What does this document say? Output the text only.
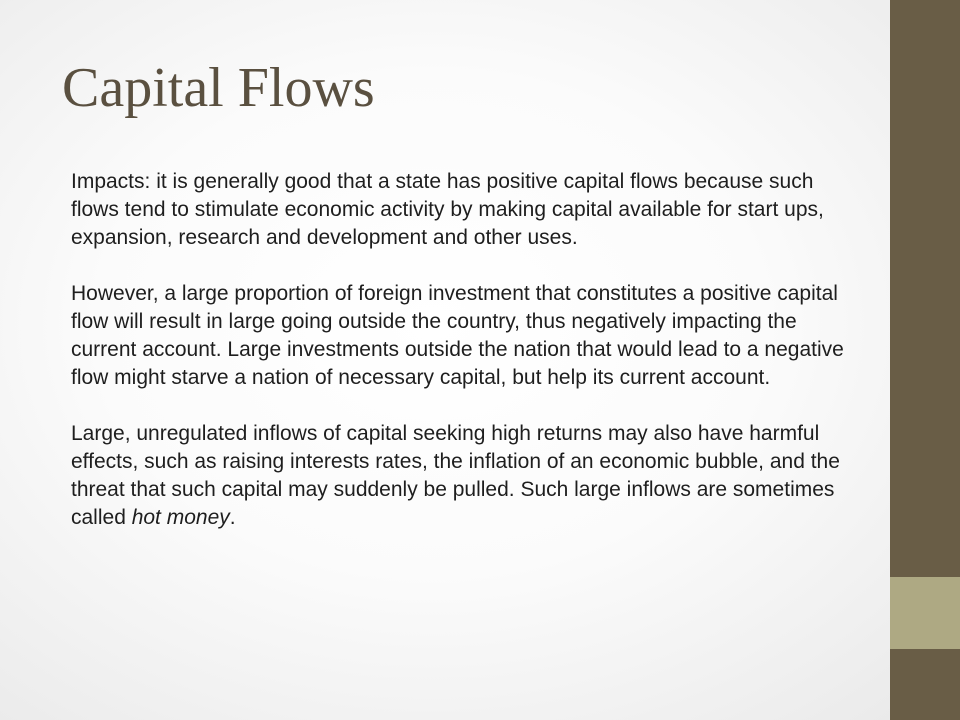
Capital Flows

Impacts: it is generally good that a state has positive capital flows because such flows tend to stimulate economic activity by making capital available for start ups, expansion, research and development and other uses.

However, a large proportion of foreign investment that constitutes a positive capital flow will result in large going outside the country, thus negatively impacting the current account. Large investments outside the nation that would lead to a negative flow might starve a nation of necessary capital, but help its current account.

Large, unregulated inflows of capital seeking high returns may also have harmful effects, such as raising interests rates, the inflation of an economic bubble, and the threat that such capital may suddenly be pulled. Such large inflows are sometimes called hot money.
